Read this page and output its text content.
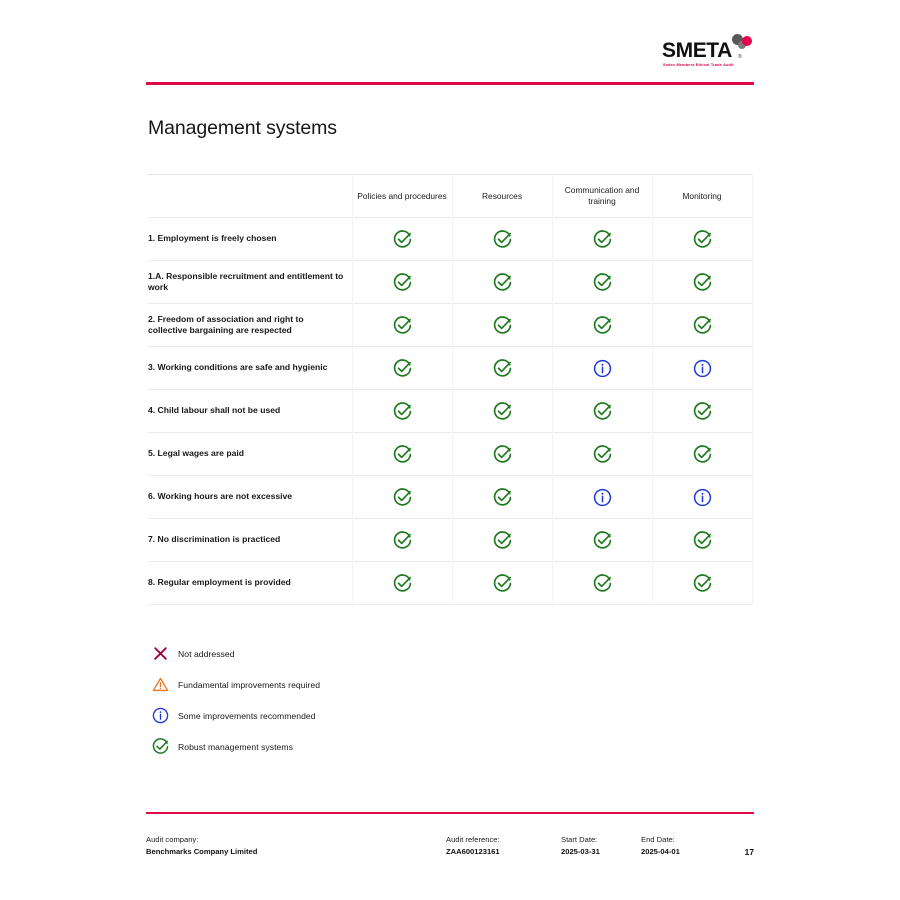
SMETA ®
Sedex Members Ethical Trade Audit
Management systems
Policies and procedures	Resources
Communication and training
Monitoring
1. Employment is freely chosen
1.A. Responsible recruitment and entitlement to work
2. Freedom of association and right to collective bargaining are respected
3. Working conditions are safe and hygienic
4. Child labour shall not be used
5. Legal wages are paid
6. Working hours are not excessive
7. No discrimination is practiced
8. Regular employment is provided
Not addressed
Fundamental improvements required
Some improvements recommended
Robust management systems
Audit company:
Benchmarks Company Limited
Audit reference:
ZAA600123161
Start Date:
2025-03-31
End Date:
2025-04-01	17
